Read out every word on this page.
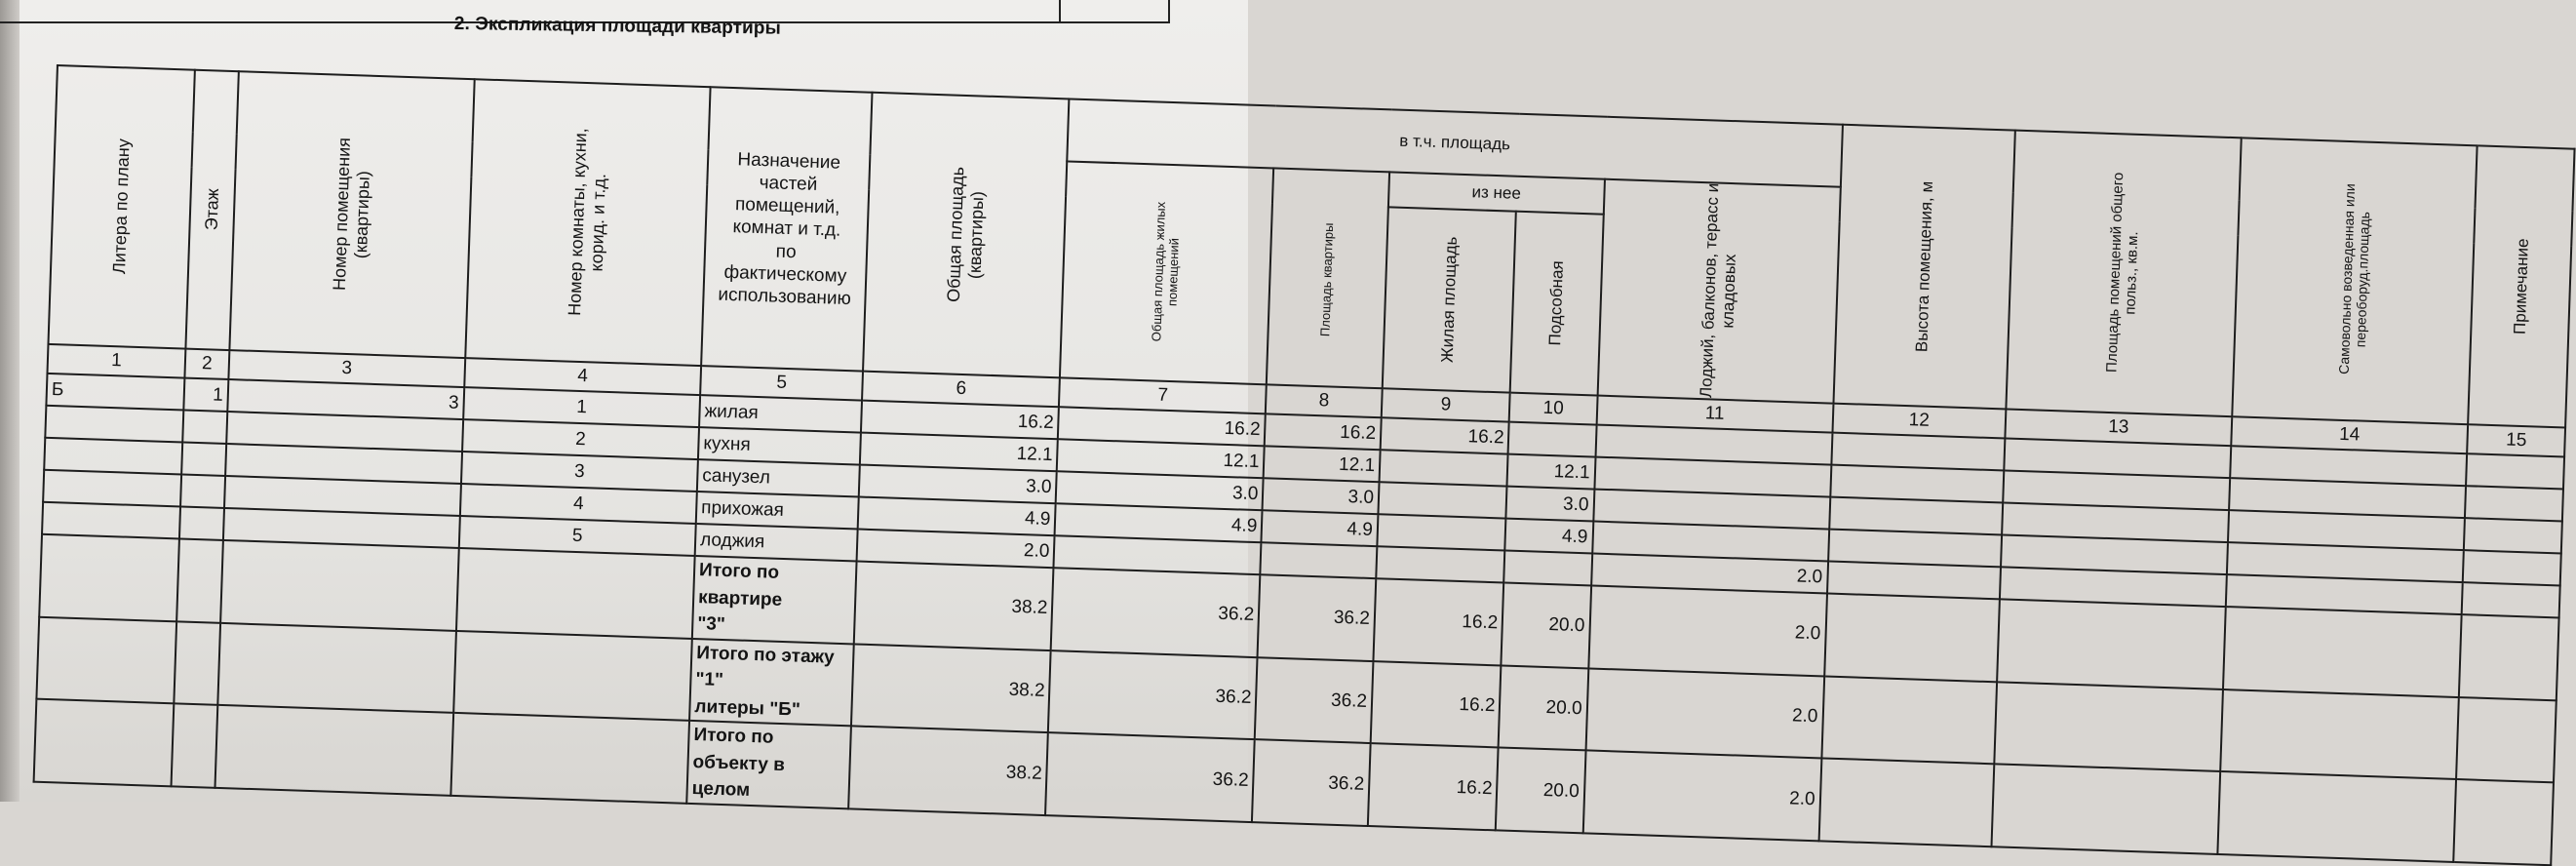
2. Экспликация площади квартиры
Литера по плану	Этаж	Номер помещения (квартиры)	Номер комнаты, кухни, корид. и т.д.	Назначение частей помещений, комнат и т.д. по фактическому использованию	Общая площадь (квартиры)	в т.ч. площадь					Высота помещения, м	Площадь помещений общего польз., кв.м.	Самовольно возведенная или переоборуд.площадь	Примечание
						Общая площадь жилых помещений	Площадь квартиры	из нее		Лоджий, балконов, терасс и кладовых				
								Жилая площадь	Подсобная					
1	2	3	4	5	6	7	8	9	10	11	12	13	14	15
Б	1	3	1	жилая	16.2	16.2	16.2	16.2						
			2	кухня	12.1	12.1	12.1		12.1					
			3	санузел	3.0	3.0	3.0		3.0					
			4	прихожая	4.9	4.9	4.9		4.9					
			5	лоджия	2.0					2.0				

				Итого по квартире
"3"	38.2	36.2	36.2	16.2	20.0	2.0				

				Итого по этажу "1"
литеры "Б"	38.2	36.2	36.2	16.2	20.0	2.0				

				Итого по объекту в
целом	38.2	36.2	36.2	16.2	20.0	2.0				
